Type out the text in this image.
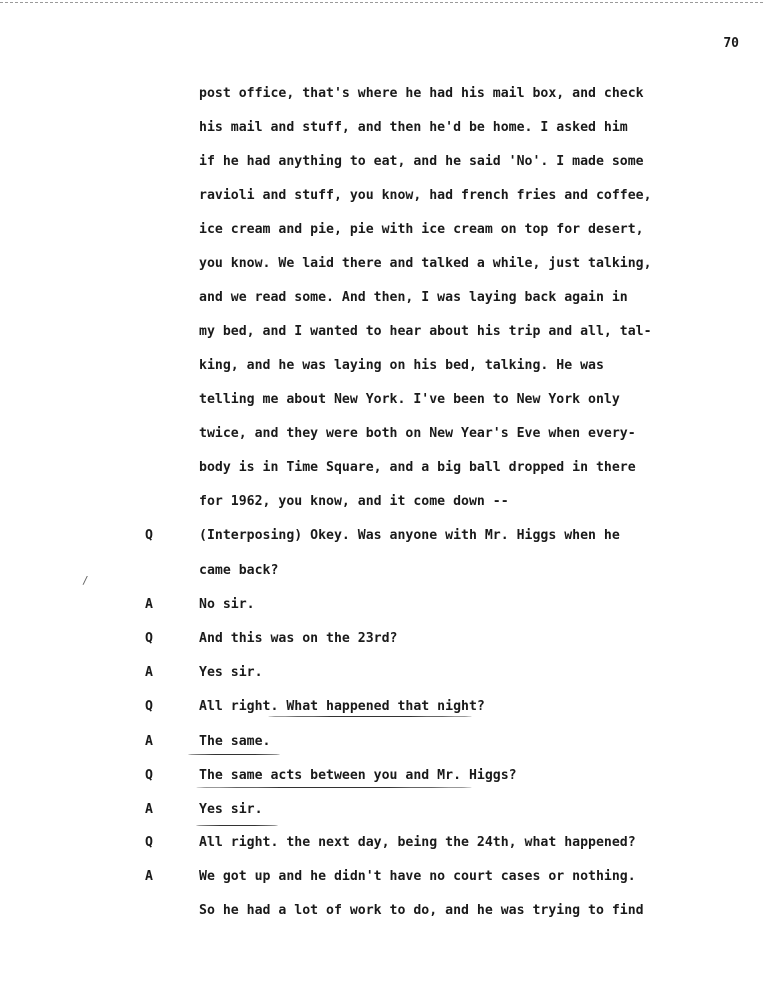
70
post office, that's where he had his mail box, and check
his mail and stuff, and then he'd be home. I asked him
if he had anything to eat, and he said 'No'. I made some
ravioli and stuff, you know, had french fries and coffee,
ice cream and pie, pie with ice cream on top for desert,
you know. We laid there and talked a while, just talking,
and we read some. And then, I was laying back again in
my bed, and I wanted to hear about his trip and all, tal-
king, and he was laying on his bed, talking. He was
telling me about New York. I've been to New York only
twice, and they were both on New Year's Eve when every-
body is in Time Square, and a big ball dropped in there
for 1962, you know, and it come down --
Q	(Interposing) Okey. Was anyone with Mr. Higgs when he
came back?
/
A	No sir.
Q	And this was on the 23rd?
A	Yes sir.
Q	All right. What happened that night?
A	The same.
Q	The same acts between you and Mr. Higgs?
A	Yes sir.
Q	All right. the next day, being the 24th, what happened?
A	We got up and he didn't have no court cases or nothing.
So he had a lot of work to do, and he was trying to find
